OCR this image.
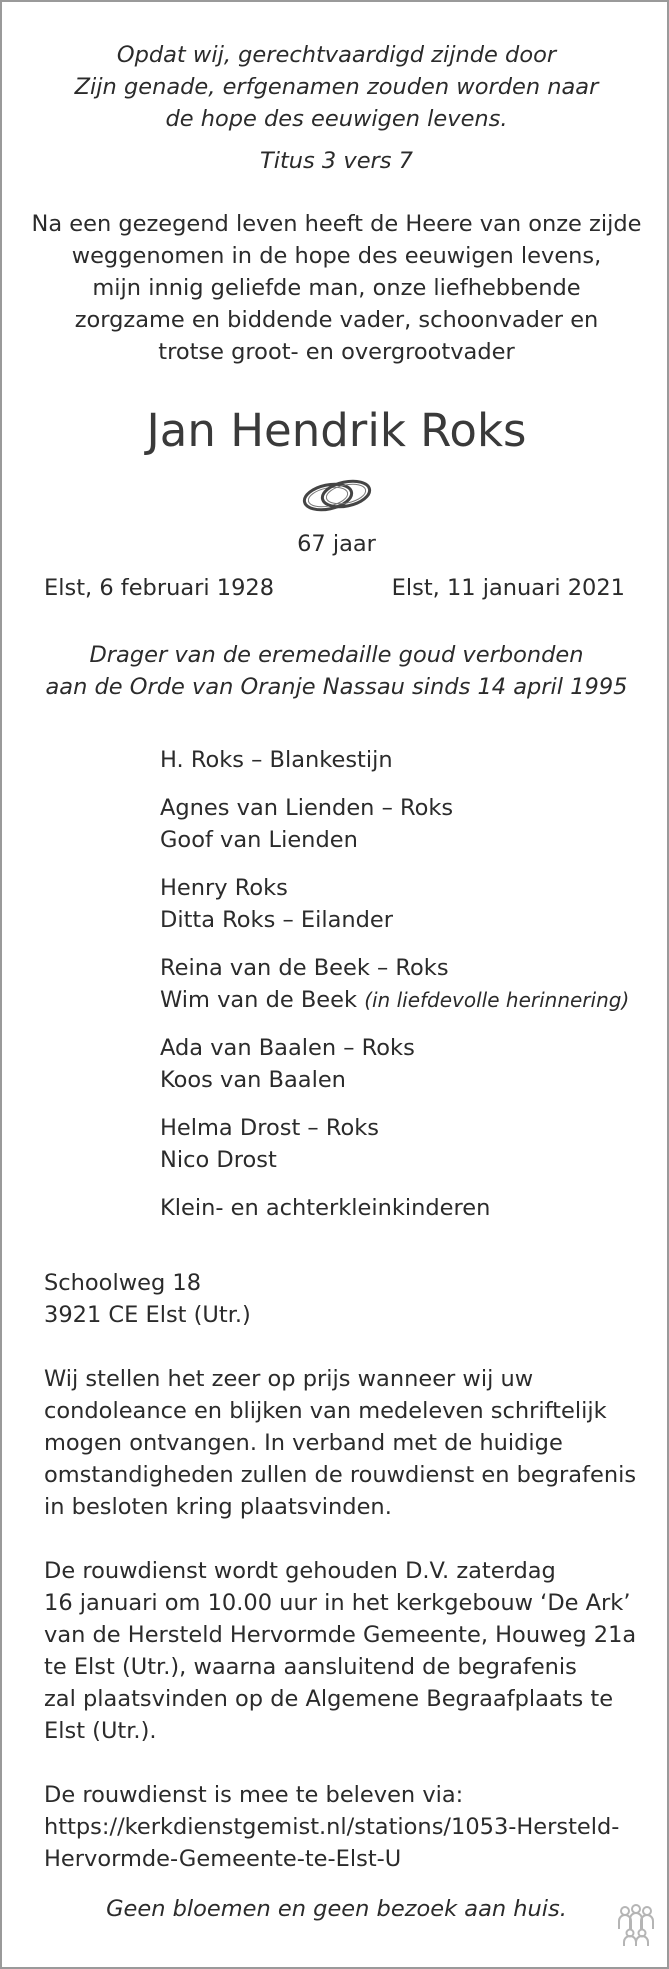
Opdat wij, gerechtvaardigd zijnde door
Zijn genade, erfgenamen zouden worden naar
de hope des eeuwigen levens.
Titus 3 vers 7
Na een gezegend leven heeft de Heere van onze zijde
weggenomen in de hope des eeuwigen levens,
mijn innig geliefde man, onze liefhebbende
zorgzame en biddende vader, schoonvader en
trotse groot- en overgrootvader
Jan Hendrik Roks
67 jaar
Elst, 6 februari 1928	Elst, 11 januari 2021
Drager van de eremedaille goud verbonden
aan de Orde van Oranje Nassau sinds 14 april 1995
H. Roks – Blankestijn
Agnes van Lienden – Roks
Goof van Lienden
Henry Roks
Ditta Roks – Eilander
Reina van de Beek – Roks
Wim van de Beek (in liefdevolle herinnering)
Ada van Baalen – Roks
Koos van Baalen
Helma Drost – Roks
Nico Drost
Klein- en achterkleinkinderen
Schoolweg 18
3921 CE Elst (Utr.)
Wij stellen het zeer op prijs wanneer wij uw
condoleance en blijken van medeleven schriftelijk
mogen ontvangen. In verband met de huidige
omstandigheden zullen de rouwdienst en begrafenis
in besloten kring plaatsvinden.
De rouwdienst wordt gehouden D.V. zaterdag
16 januari om 10.00 uur in het kerkgebouw ‘De Ark’
van de Hersteld Hervormde Gemeente, Houweg 21a
te Elst (Utr.), waarna aansluitend de begrafenis
zal plaatsvinden op de Algemene Begraafplaats te
Elst (Utr.).
De rouwdienst is mee te beleven via:
https://kerkdienstgemist.nl/stations/1053-Hersteld-
Hervormde-Gemeente-te-Elst-U
Geen bloemen en geen bezoek aan huis.
